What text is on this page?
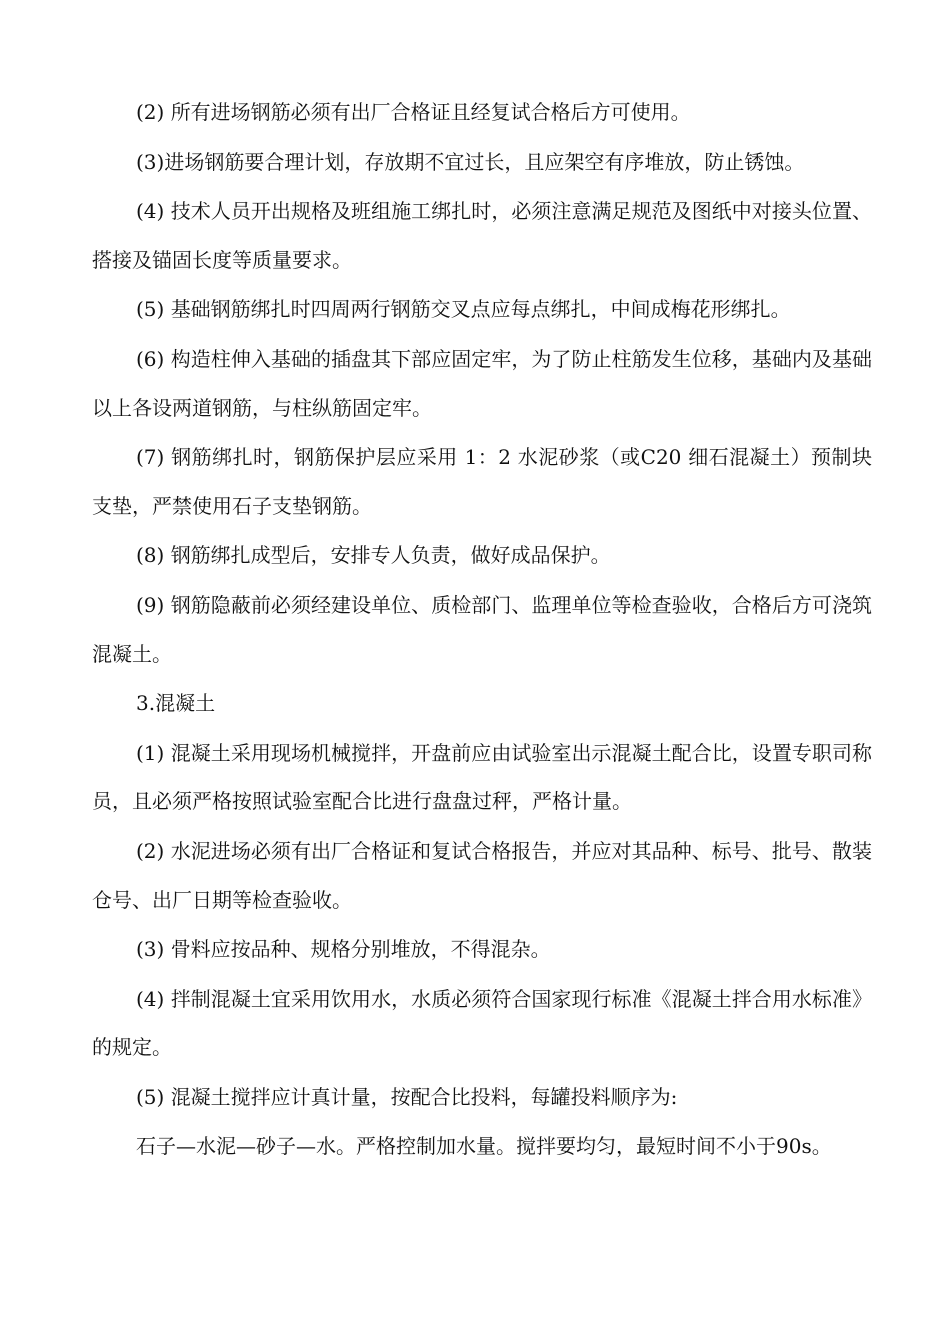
(2) 所有进场钢筋必须有出厂合格证且经复试合格后方可使用。

(3)进场钢筋要合理计划，存放期不宜过长，且应架空有序堆放，防止锈蚀。

(4) 技术人员开出规格及班组施工绑扎时，必须注意满足规范及图纸中对接头位置、搭接及锚固长度等质量要求。

(5) 基础钢筋绑扎时四周两行钢筋交叉点应每点绑扎，中间成梅花形绑扎。

(6) 构造柱伸入基础的插盘其下部应固定牢，为了防止柱筋发生位移，基础内及基础以上各设两道钢筋，与柱纵筋固定牢。

(7) 钢筋绑扎时，钢筋保护层应采用 1：2 水泥砂浆（或C20 细石混凝土）预制块支垫，严禁使用石子支垫钢筋。

(8) 钢筋绑扎成型后，安排专人负责，做好成品保护。

(9) 钢筋隐蔽前必须经建设单位、质检部门、监理单位等检查验收，合格后方可浇筑混凝土。

3.混凝土

(1) 混凝土采用现场机械搅拌，开盘前应由试验室出示混凝土配合比，设置专职司称员，且必须严格按照试验室配合比进行盘盘过秤，严格计量。

(2) 水泥进场必须有出厂合格证和复试合格报告，并应对其品种、标号、批号、散装仓号、出厂日期等检查验收。

(3) 骨料应按品种、规格分别堆放，不得混杂。

(4) 拌制混凝土宜采用饮用水，水质必须符合国家现行标准《混凝土拌合用水标准》的规定。

(5) 混凝土搅拌应计真计量，按配合比投料，每罐投料顺序为:

石子—水泥—砂子—水。严格控制加水量。搅拌要均匀，最短时间不小于90s。
